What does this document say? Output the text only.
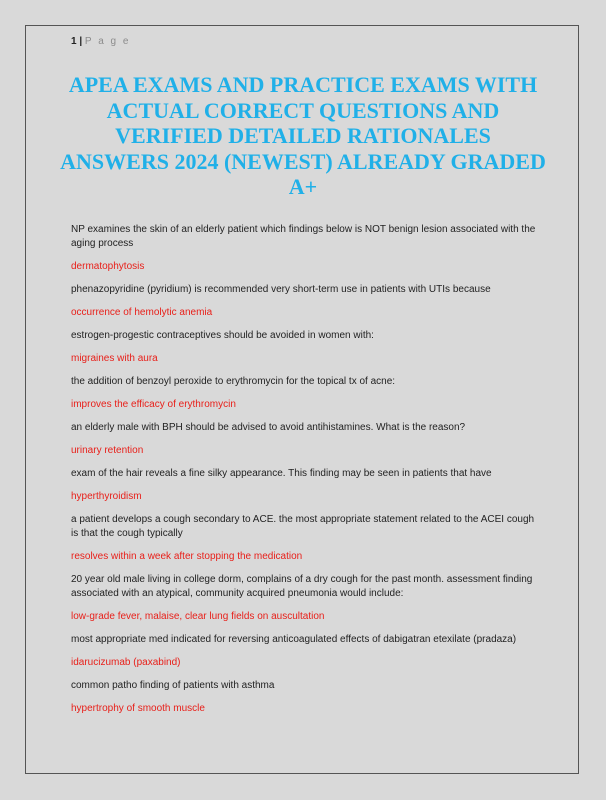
1 | P a g e
APEA EXAMS AND PRACTICE EXAMS WITH ACTUAL CORRECT QUESTIONS AND VERIFIED DETAILED RATIONALES ANSWERS 2024 (NEWEST) ALREADY GRADED A+

NP examines the skin of an elderly patient which findings below is NOT benign lesion associated with the aging process

dermatophytosis

phenazopyridine (pyridium) is recommended very short-term use in patients with UTIs because

occurrence of hemolytic anemia

estrogen-progestic contraceptives should be avoided in women with:

migraines with aura

the addition of benzoyl peroxide to erythromycin for the topical tx of acne:

improves the efficacy of erythromycin

an elderly male with BPH should be advised to avoid antihistamines. What is the reason?

urinary retention

exam of the hair reveals a fine silky appearance. This finding may be seen in patients that have

hyperthyroidism

a patient develops a cough secondary to ACE. the most appropriate statement related to the ACEI cough is that the cough typically

resolves within a week after stopping the medication

20 year old male living in college dorm, complains of a dry cough for the past month. assessment finding associated with an atypical, community acquired pneumonia would include:

low-grade fever, malaise, clear lung fields on auscultation

most appropriate med indicated for reversing anticoagulated effects of dabigatran etexilate (pradaza)

idarucizumab (paxabind)

common patho finding of patients with asthma

hypertrophy of smooth muscle
